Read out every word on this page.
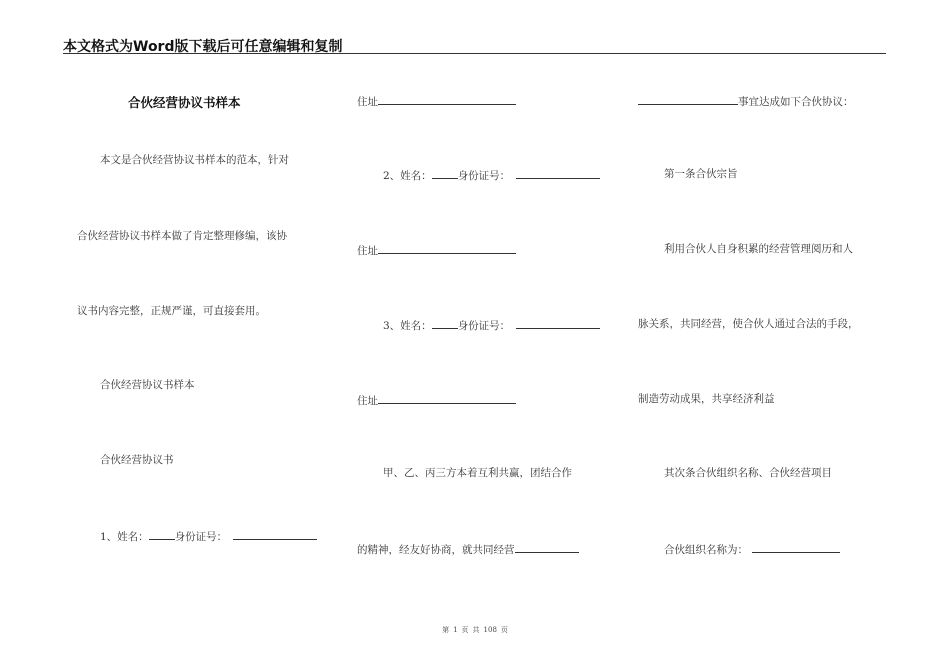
本文格式为Word版下载后可任意编辑和复制
合伙经营协议书样本
本文是合伙经营协议书样本的范本，针对
合伙经营协议书样本做了肯定整理修编，该协
议书内容完整，正规严谨，可直接套用。
合伙经营协议书样本
合伙经营协议书
1、姓名： 身份证号：
住址
2、姓名： 身份证号：
住址
3、姓名： 身份证号：
住址
甲、乙、丙三方本着互利共赢，团结合作
的精神，经友好协商，就共同经营
事宜达成如下合伙协议：
第一条合伙宗旨
利用合伙人自身积累的经营管理阅历和人
脉关系，共同经营，使合伙人通过合法的手段，
制造劳动成果，共享经济利益
其次条合伙组织名称、合伙经营项目
合伙组织名称为：
第 1 页 共 108 页
